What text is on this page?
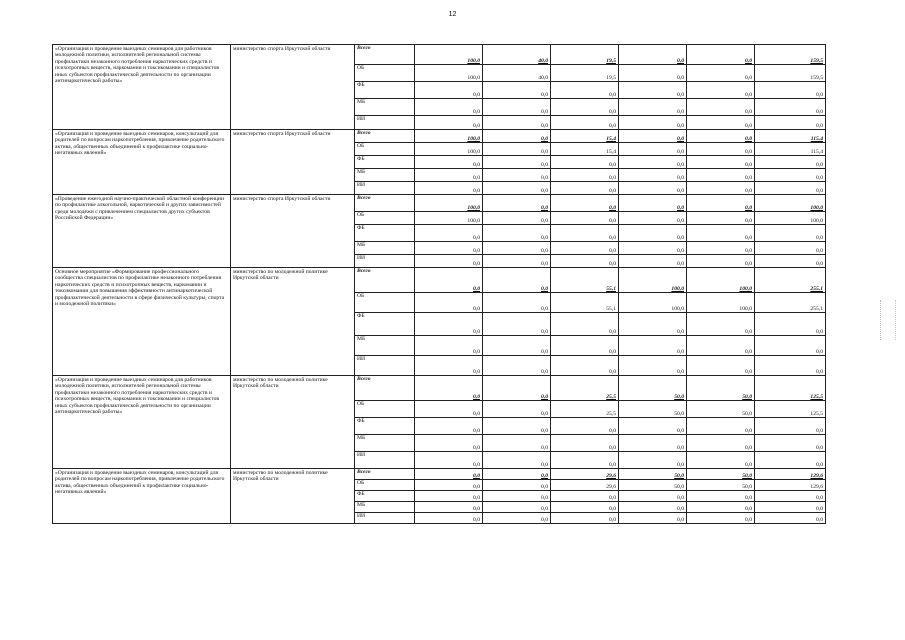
12
«Организация и проведение выездных семинаров для работников молодежной политики, исполнителей региональной системы профилактики незаконного потребления наркотических средств и психотропных веществ, наркомании и токсикомании и специалистов иных субъектов профилактической деятельности по организации антинаркотической работы»	министерство спорта Иркутской области	Всего	100,0	40,0	19,5	0,0	0,0	159,5
		ОБ	100,0	40,0	19,5	0,0	0,0	159,5
		ФБ	0,0	0,0	0,0	0,0	0,0	0,0
		МБ	0,0	0,0	0,0	0,0	0,0	0,0
		ИИ	0,0	0,0	0,0	0,0	0,0	0,0
«Организация и проведение выездных семинаров, консультаций для родителей по вопросам наркопотребления, привлечение родительского актива, общественных объединений к профилактике социально-негативных явлений»	министерство спорта Иркутской области	Всего	100,0	0,0	15,4	0,0	0,0	115,4
		ОБ	100,0	0,0	15,4	0,0	0,0	115,4
		ФБ	0,0	0,0	0,0	0,0	0,0	0,0
		МБ	0,0	0,0	0,0	0,0	0,0	0,0
		ИИ	0,0	0,0	0,0	0,0	0,0	0,0
«Проведение ежегодной научно-практической областной конференции по профилактике алкогольной, наркотической и других зависимостей среди молодежи с привлечением специалистов других субъектов Российской Федерации»	министерство спорта Иркутской области	Всего	100,0	0,0	0,0	0,0	0,0	100,0
		ОБ	100,0	0,0	0,0	0,0	0,0	100,0
		ФБ	0,0	0,0	0,0	0,0	0,0	0,0
		МБ	0,0	0,0	0,0	0,0	0,0	0,0
		ИИ	0,0	0,0	0,0	0,0	0,0	0,0
Основное мероприятие «Формирование профессионального сообщества специалистов по профилактике незаконного потребления наркотических средств и психотропных веществ, наркомании и токсикомании для повышения эффективности антинаркотической профилактической деятельности в сфере физической культуры, спорта и молодежной политики»	министерство по молодежной политике Иркутской области	Всего	0,0	0,0	55,1	100,0	100,0	255,1
		ОБ	0,0	0,0	55,1	100,0	100,0	255,1
		ФБ	0,0	0,0	0,0	0,0	0,0	0,0
		МБ	0,0	0,0	0,0	0,0	0,0	0,0
		ИИ	0,0	0,0	0,0	0,0	0,0	0,0
«Организация и проведение выездных семинаров для работников молодежной политики, исполнителей региональной системы профилактики незаконного потребления наркотических средств и психотропных веществ, наркомании и токсикомании и специалистов иных субъектов профилактической деятельности по организации антинаркотической работы»	министерство по молодежной политике Иркутской области	Всего	0,0	0,0	25,5	50,0	50,0	125,5
		ОБ	0,0	0,0	25,5	50,0	50,0	125,5
		ФБ	0,0	0,0	0,0	0,0	0,0	0,0
		МБ	0,0	0,0	0,0	0,0	0,0	0,0
		ИИ	0,0	0,0	0,0	0,0	0,0	0,0
«Организация и проведение выездных семинаров, консультаций для родителей по вопросам наркопотребления, привлечение родительского актива, общественных объединений к профилактике социально-негативных явлений»	министерство по молодежной политике Иркутской области	Всего	0,0	0,0	29,6	50,0	50,0	129,6
		ОБ	0,0	0,0	29,6	50,0	50,0	129,6
		ФБ	0,0	0,0	0,0	0,0	0,0	0,0
		МБ	0,0	0,0	0,0	0,0	0,0	0,0
		ИИ	0,0	0,0	0,0	0,0	0,0	0,0
